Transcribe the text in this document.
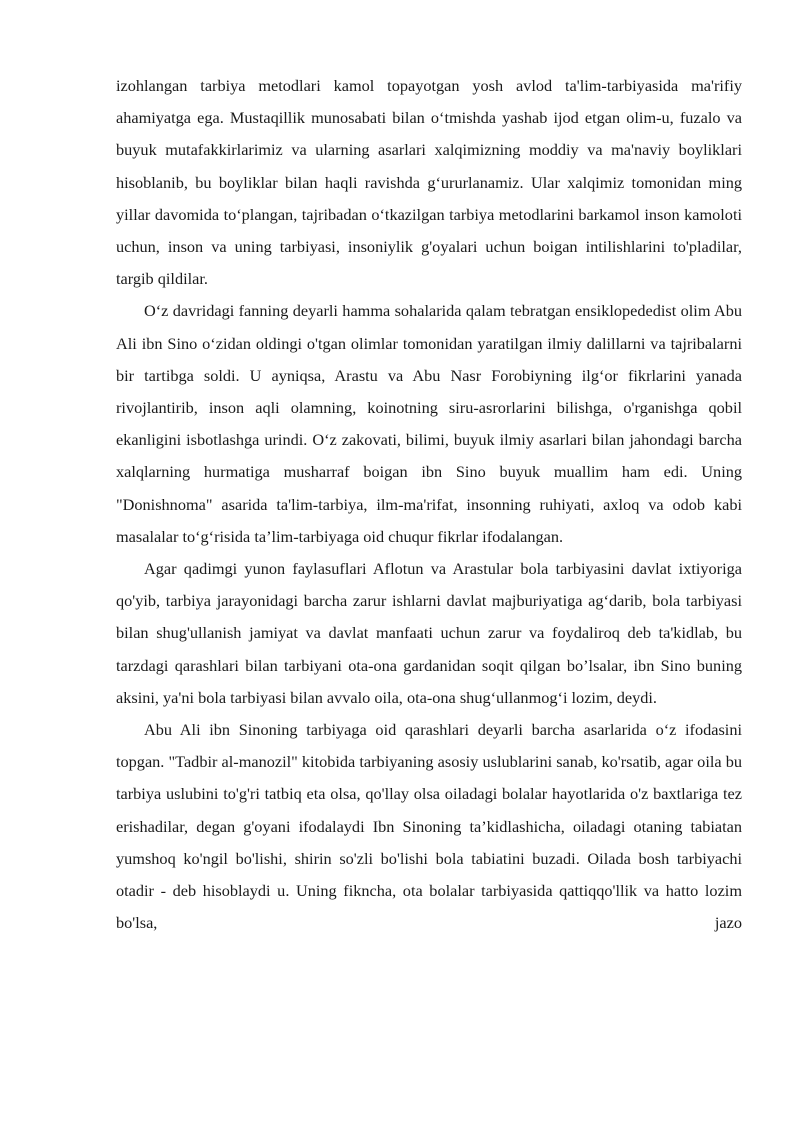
izohlangan tarbiya metodlari kamol topayotgan yosh avlod ta'lim-tarbiyasida ma'rifiy ahamiyatga ega. Mustaqillik munosabati bilan o‘tmishda yashab ijod etgan olim-u, fuzalo va buyuk mutafakkirlarimiz va ularning asarlari xalqimizning moddiy va ma'naviy boyliklari hisoblanib, bu boyliklar bilan haqli ravishda g‘ururlanamiz. Ular xalqimiz tomonidan ming yillar davomida to‘plangan, tajribadan o‘tkazilgan tarbiya metodlarini barkamol inson kamoloti uchun, inson va uning tarbiyasi, insoniylik g'oyalari uchun boigan intilishlarini to'pladilar, targib qildilar.

O‘z davridagi fanning deyarli hamma sohalarida qalam tebratgan ensiklopededist olim Abu Ali ibn Sino o‘zidan oldingi o'tgan olimlar tomonidan yaratilgan ilmiy dalillarni va tajribalarni bir tartibga soldi. U ayniqsa, Arastu va Abu Nasr Forobiyning ilg‘or fikrlarini yanada rivojlantirib, inson aqli olamning, koinotning siru-asrorlarini bilishga, o'rganishga qobil ekanligini isbotlashga urindi. O‘z zakovati, bilimi, buyuk ilmiy asarlari bilan jahondagi barcha xalqlarning hurmatiga musharraf boigan ibn Sino buyuk muallim ham edi. Uning "Donishnoma" asarida ta'lim-tarbiya, ilm-ma'rifat, insonning ruhiyati, axloq va odob kabi masalalar to‘g‘risida ta’lim-tarbiyaga oid chuqur fikrlar ifodalangan.

Agar qadimgi yunon faylasuflari Aflotun va Arastular bola tarbiyasini davlat ixtiyoriga qo'yib, tarbiya jarayonidagi barcha zarur ishlarni davlat majburiyatiga ag‘darib, bola tarbiyasi bilan shug'ullanish jamiyat va davlat manfaati uchun zarur va foydaliroq deb ta'kidlab, bu tarzdagi qarashlari bilan tarbiyani ota-ona gardanidan soqit qilgan bo’lsalar, ibn Sino buning aksini, ya'ni bola tarbiyasi bilan avvalo oila, ota-ona shug‘ullanmog‘i lozim, deydi.

Abu Ali ibn Sinoning tarbiyaga oid qarashlari deyarli barcha asarlarida o‘z ifodasini topgan. "Tadbir al-manozil" kitobida tarbiyaning asosiy uslublarini sanab, ko'rsatib, agar oila bu tarbiya uslubini to'g'ri tatbiq eta olsa, qo'llay olsa oiladagi bolalar hayotlarida o'z baxtlariga tez erishadilar, degan g'oyani ifodalaydi Ibn Sinoning ta’kidlashicha, oiladagi otaning tabiatan yumshoq ko'ngil bo'lishi, shirin so'zli bo'lishi bola tabiatini buzadi. Oilada bosh tarbiyachi otadir - deb hisoblaydi u. Uning fikncha, ota bolalar tarbiyasida qattiqqo'llik va hatto lozim bo'lsa, jazo
